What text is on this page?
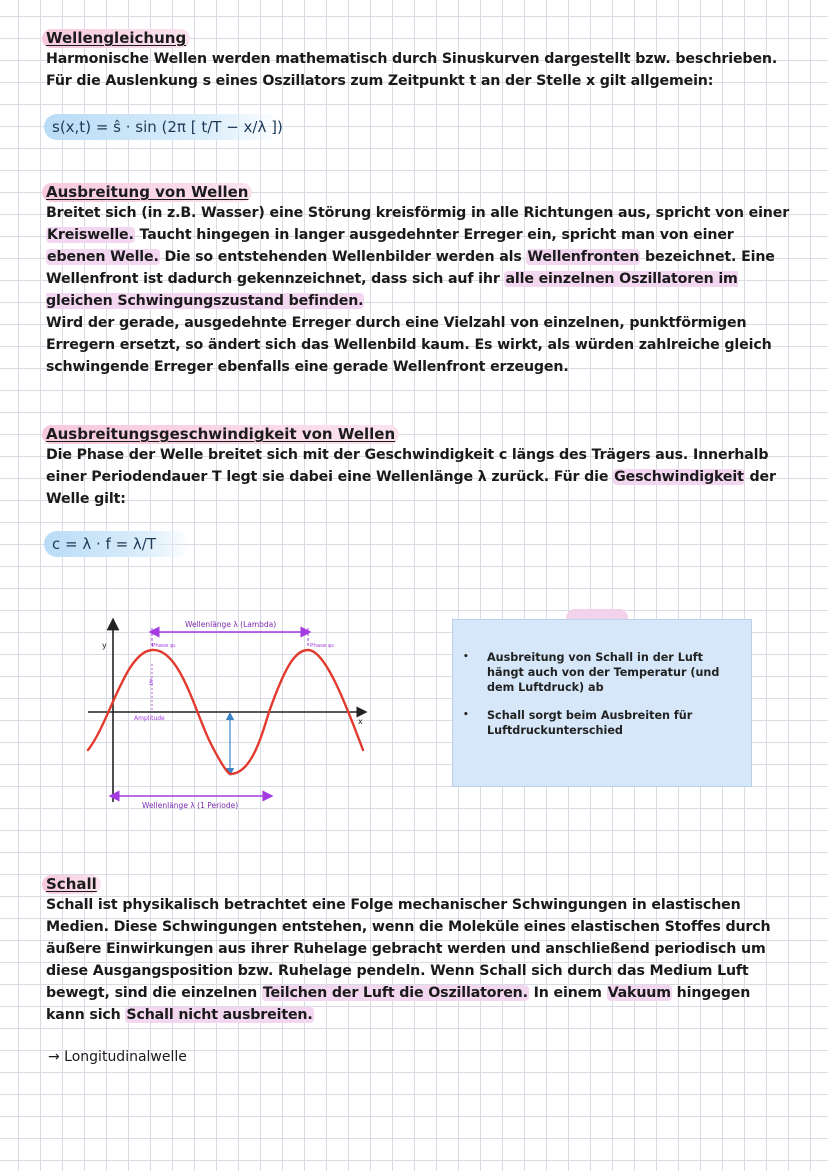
Wellengleichung

Harmonische Wellen werden mathematisch durch Sinuskurven dargestellt bzw. beschrieben.

Für die Auslenkung s eines Oszillators zum Zeitpunkt t an der Stelle x gilt allgemein:

s(x,t) = ŝ · sin (2π [ t/T − x/λ ])
Ausbreitung von Wellen

Breitet sich (in z.B. Wasser) eine Störung kreisförmig in alle Richtungen aus, spricht von einer Kreiswelle. Taucht hingegen in langer ausgedehnter Erreger ein, spricht man von einer ebenen Welle. Die so entstehenden Wellenbilder werden als Wellenfronten bezeichnet. Eine Wellenfront ist dadurch gekennzeichnet, dass sich auf ihr alle einzelnen Oszillatoren im gleichen Schwingungszustand befinden.

Wird der gerade, ausgedehnte Erreger durch eine Vielzahl von einzelnen, punktförmigen Erregern ersetzt, so ändert sich das Wellenbild kaum. Es wirkt, als würden zahlreiche gleich schwingende Erreger ebenfalls eine gerade Wellenfront erzeugen.

Ausbreitungsgeschwindigkeit von Wellen

Die Phase der Welle breitet sich mit der Geschwindigkeit c längs des Trägers aus. Innerhalb einer Periodendauer T legt sie dabei eine Wellenlänge λ zurück. Für die Geschwindigkeit der Welle gilt:

c = λ · f = λ/T
y
x
Wellenlänge λ (Lambda)
Phase φ₁	Phase φ₂
ŝ
Amplitude
Wellenlänge λ (1 Periode)
• Ausbreitung von Schall in der Luft hängt auch von der Temperatur (und dem Luftdruck) ab
• Schall sorgt beim Ausbreiten für Luftdruckunterschied
Schall

Schall ist physikalisch betrachtet eine Folge mechanischer Schwingungen in elastischen Medien. Diese Schwingungen entstehen, wenn die Moleküle eines elastischen Stoffes durch äußere Einwirkungen aus ihrer Ruhelage gebracht werden und anschließend periodisch um diese Ausgangsposition bzw. Ruhelage pendeln. Wenn Schall sich durch das Medium Luft bewegt, sind die einzelnen Teilchen der Luft die Oszillatoren. In einem Vakuum hingegen kann sich Schall nicht ausbreiten.

→ Longitudinalwelle
